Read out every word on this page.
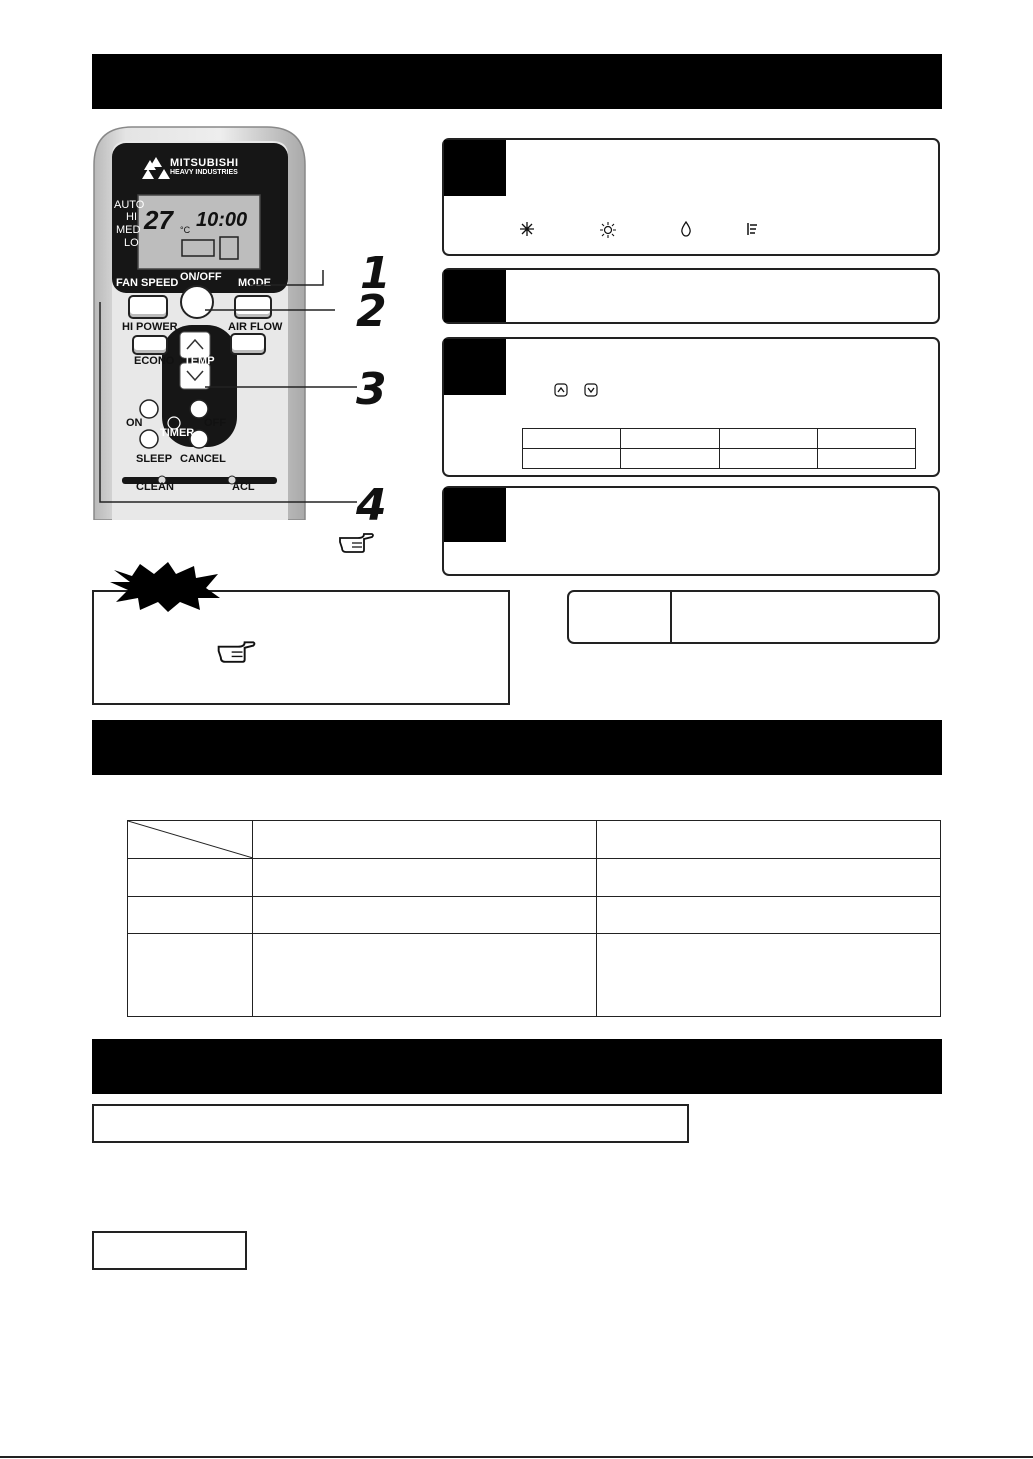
MITSUBISHI
HEAVY INDUSTRIES
AUTO
HI
MED
LO
27 °C 10:00
FAN SPEED ON/OFF MODE
HI POWER
ECONO
AIR FLOW
TEMP
ON	OFF
TIMER
SLEEP CANCEL
CLEAN	ACL
1
2
3
4
